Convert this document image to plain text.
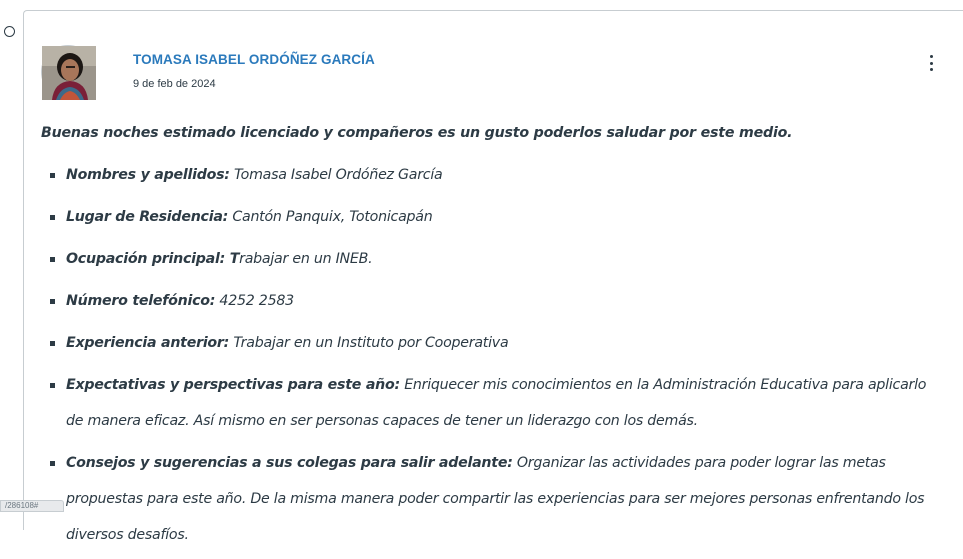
TOMASA ISABEL ORDÓÑEZ GARCÍA
9 de feb de 2024

Buenas noches estimado licenciado y compañeros es un gusto poderlos saludar por este medio.

Nombres y apellidos: Tomasa Isabel Ordóñez García
Lugar de Residencia: Cantón Panquix, Totonicapán
Ocupación principal: Trabajar en un INEB.
Número telefónico: 4252 2583
Experiencia anterior: Trabajar en un Instituto por Cooperativa
Expectativas y perspectivas para este año: Enriquecer mis conocimientos en la Administración Educativa para aplicarlo de manera eficaz. Así mismo en ser personas capaces de tener un liderazgo con los demás.
Consejos y sugerencias a sus colegas para salir adelante: Organizar las actividades para poder lograr las metas propuestas para este año. De la misma manera poder compartir las experiencias para ser mejores personas enfrentando los diversos desafíos.
/286108#
